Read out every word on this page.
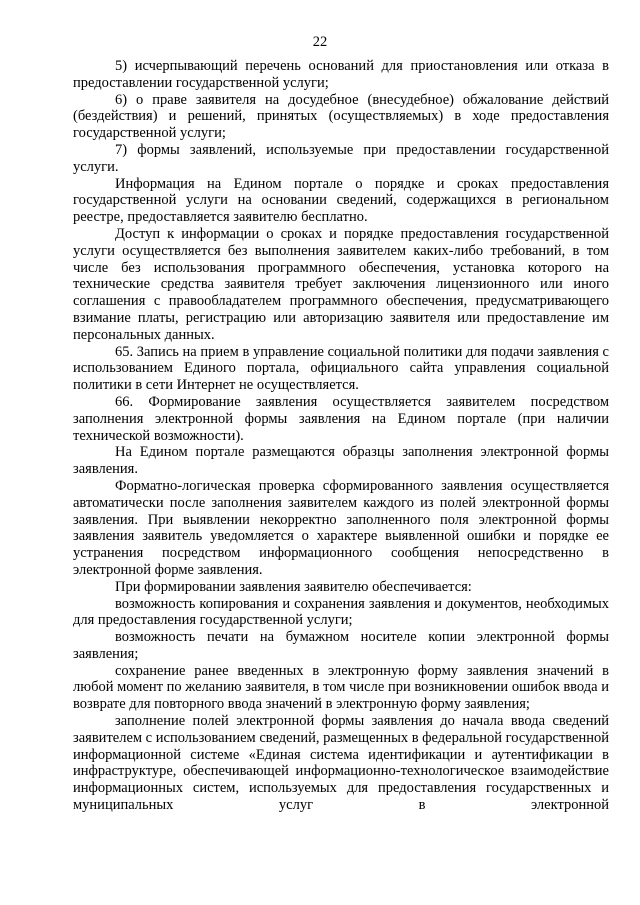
22

5) исчерпывающий перечень оснований для приостановления или отказа в предоставлении государственной услуги;

6) о праве заявителя на досудебное (внесудебное) обжалование действий (бездействия) и решений, принятых (осуществляемых) в ходе предоставления государственной услуги;

7) формы заявлений, используемые при предоставлении государственной услуги.

Информация на Едином портале о порядке и сроках предоставления государственной услуги на основании сведений, содержащихся в региональном реестре, предоставляется заявителю бесплатно.

Доступ к информации о сроках и порядке предоставления государственной услуги осуществляется без выполнения заявителем каких-либо требований, в том числе без использования программного обеспечения, установка которого на технические средства заявителя требует заключения лицензионного или иного соглашения с правообладателем программного обеспечения, предусматривающего взимание платы, регистрацию или авторизацию заявителя или предоставление им персональных данных.

65. Запись на прием в управление социальной политики для подачи заявления с использованием Единого портала, официального сайта управления социальной политики в сети Интернет не осуществляется.

66. Формирование заявления осуществляется заявителем посредством заполнения электронной формы заявления на Едином портале (при наличии технической возможности).

На Едином портале размещаются образцы заполнения электронной формы заявления.

Форматно-логическая проверка сформированного заявления осуществляется автоматически после заполнения заявителем каждого из полей электронной формы заявления. При выявлении некорректно заполненного поля электронной формы заявления заявитель уведомляется о характере выявленной ошибки и порядке ее устранения посредством информационного сообщения непосредственно в электронной форме заявления.

При формировании заявления заявителю обеспечивается:

возможность копирования и сохранения заявления и документов, необходимых для предоставления государственной услуги;

возможность печати на бумажном носителе копии электронной формы заявления;

сохранение ранее введенных в электронную форму заявления значений в любой момент по желанию заявителя, в том числе при возникновении ошибок ввода и возврате для повторного ввода значений в электронную форму заявления;

заполнение полей электронной формы заявления до начала ввода сведений заявителем с использованием сведений, размещенных в федеральной государственной информационной системе «Единая система идентификации и аутентификации в инфраструктуре, обеспечивающей информационно-технологическое взаимодействие информационных систем, используемых для предоставления государственных и муниципальных услуг в электронной
